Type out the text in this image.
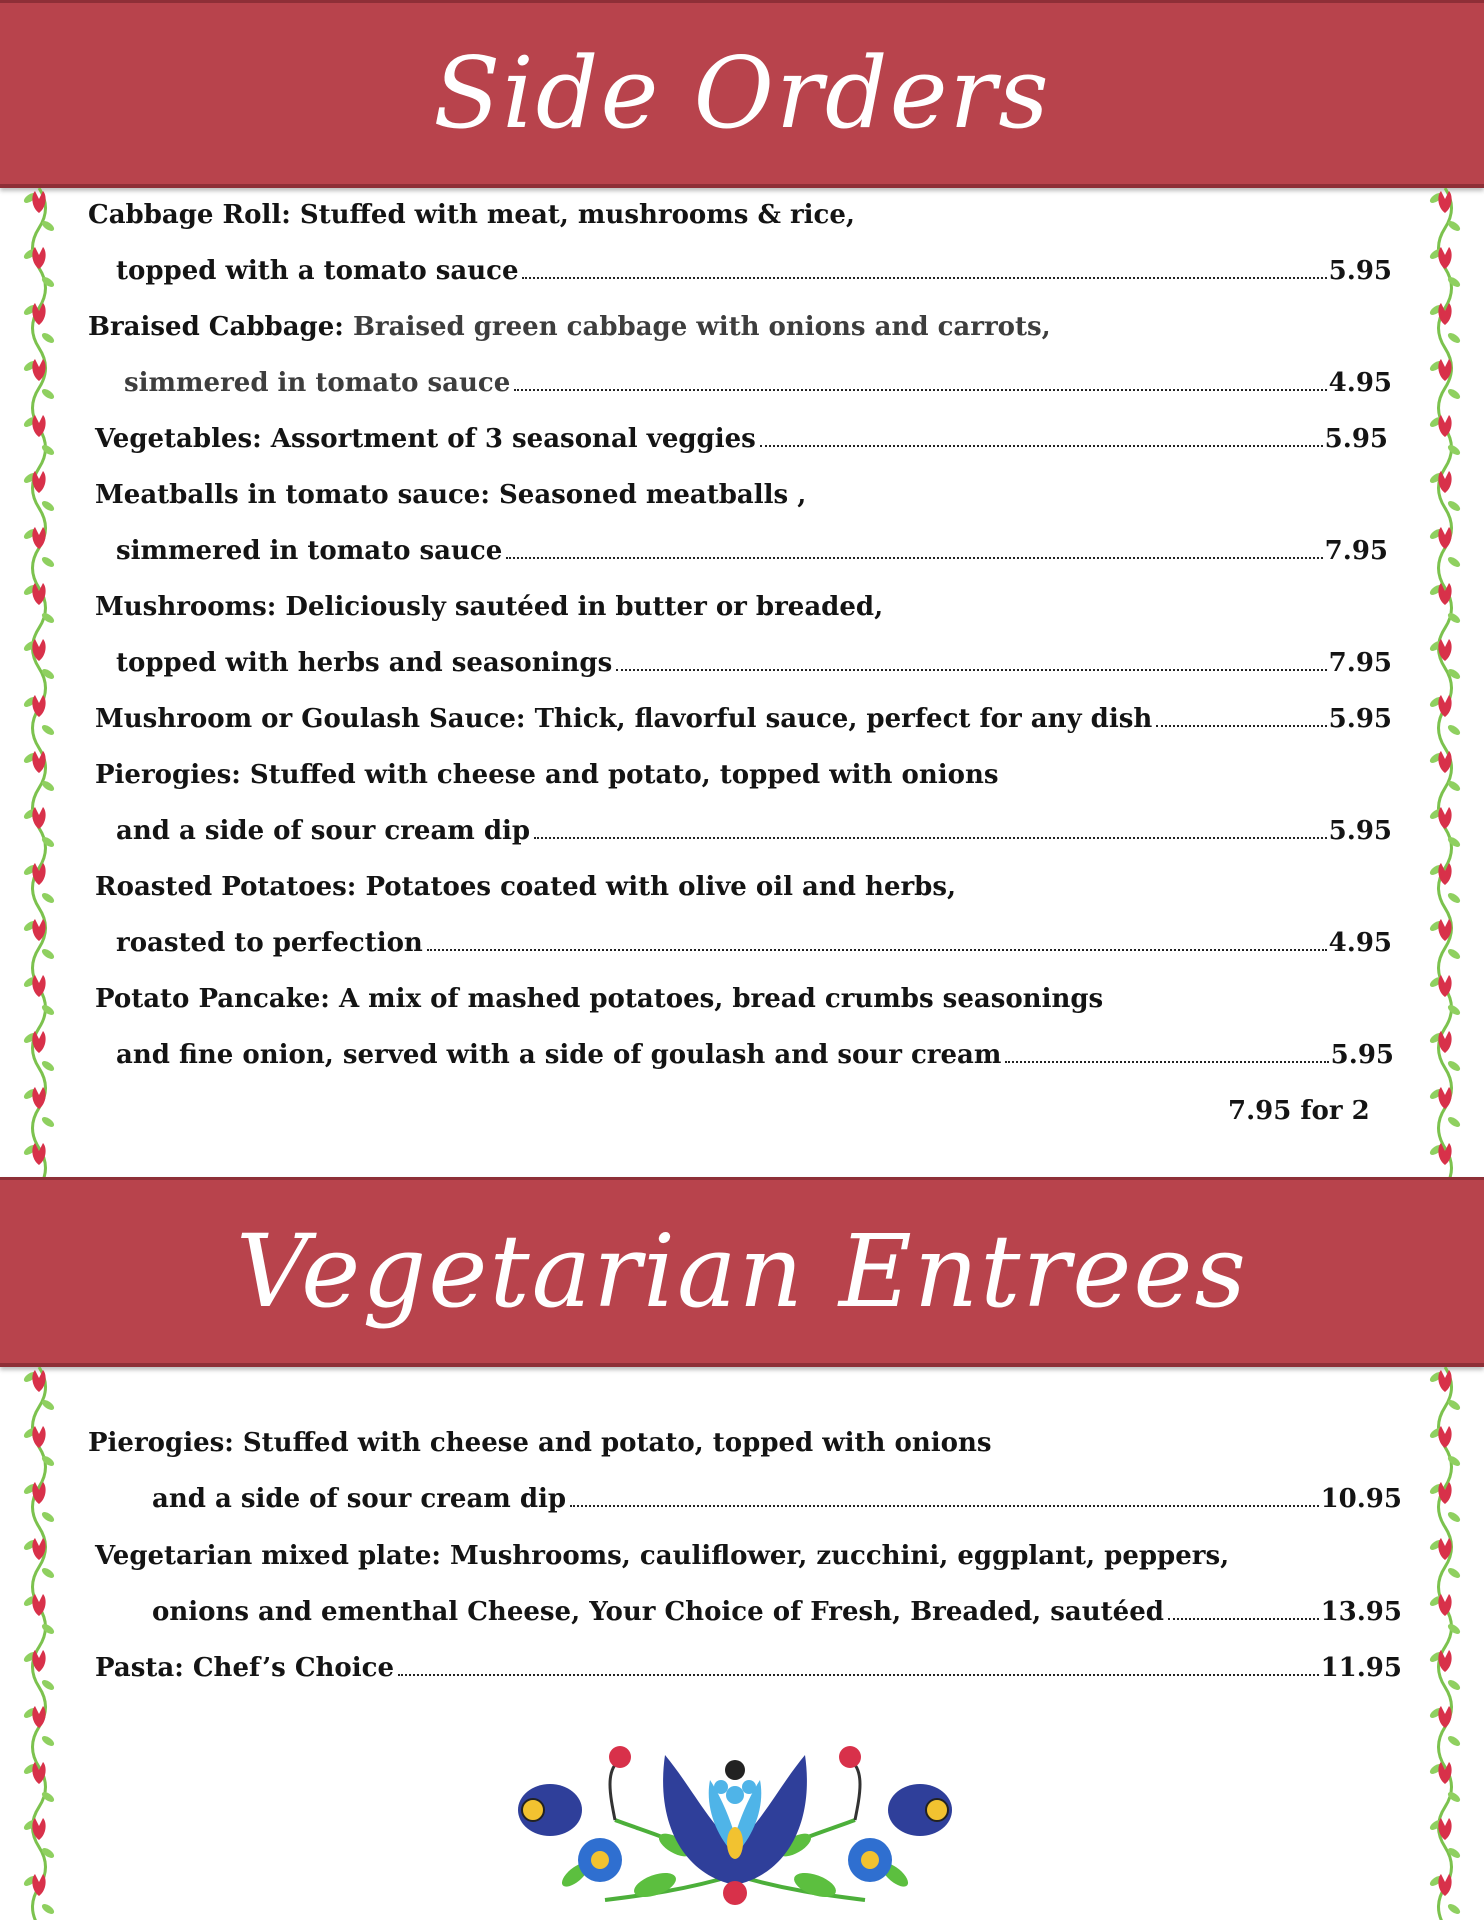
Side Orders
Cabbage Roll: Stuffed with meat, mushrooms & rice,
topped with a tomato sauce	5.95
Braised Cabbage: Braised green cabbage with onions and carrots,
simmered in tomato sauce	4.95
Vegetables: Assortment of 3 seasonal veggies	5.95
Meatballs in tomato sauce: Seasoned meatballs ,
simmered in tomato sauce	7.95
Mushrooms: Deliciously sautéed in butter or breaded,
topped with herbs and seasonings	7.95
Mushroom or Goulash Sauce: Thick, flavorful sauce, perfect for any dish	5.95
Pierogies: Stuffed with cheese and potato, topped with onions
and a side of sour cream dip	5.95
Roasted Potatoes: Potatoes coated with olive oil and herbs,
roasted to perfection	4.95
Potato Pancake: A mix of mashed potatoes, bread crumbs seasonings
and fine onion, served with a side of goulash and sour cream	5.95
7.95 for 2
Vegetarian Entrees
Pierogies: Stuffed with cheese and potato, topped with onions
and a side of sour cream dip	10.95
Vegetarian mixed plate: Mushrooms, cauliflower, zucchini, eggplant, peppers,
onions and ementhal Cheese, Your Choice of Fresh, Breaded, sautéed	13.95
Pasta: Chef’s Choice	11.95
